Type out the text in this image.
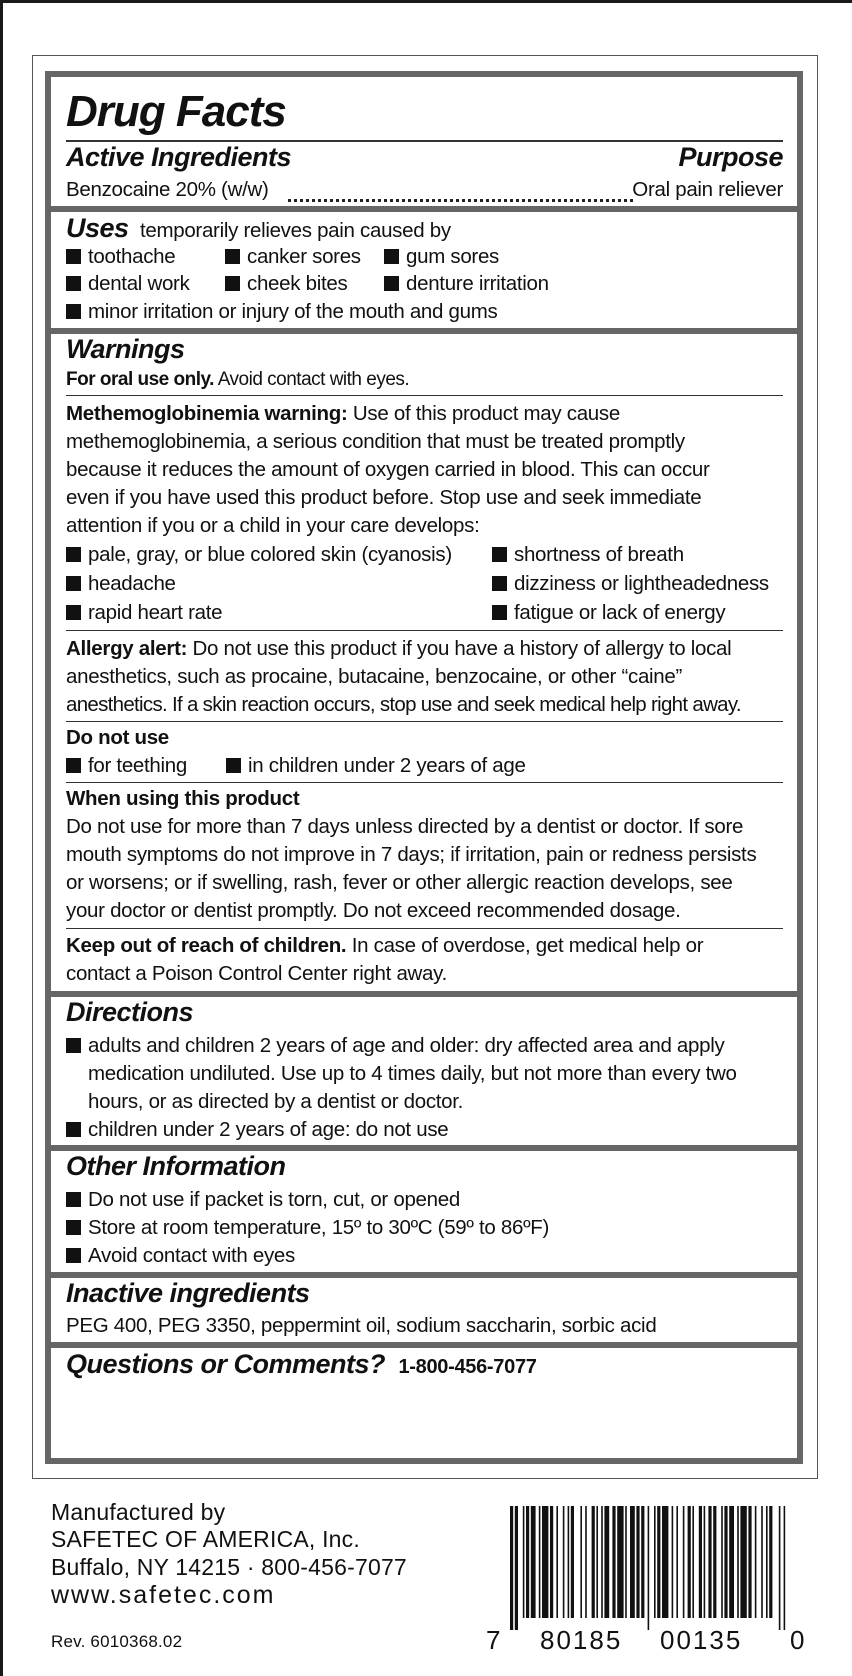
Drug Facts
Active Ingredients	Purpose
Benzocaine 20% (w/w)	Oral pain reliever
Uses temporarily relieves pain caused by
toothache	canker sores	gum sores
dental work	cheek bites	denture irritation
minor irritation or injury of the mouth and gums
Warnings
For oral use only. Avoid contact with eyes.
Methemoglobinemia warning: Use of this product may cause
methemoglobinemia, a serious condition that must be treated promptly
because it reduces the amount of oxygen carried in blood. This can occur
even if you have used this product before. Stop use and seek immediate
attention if you or a child in your care develops:
pale, gray, or blue colored skin (cyanosis)	shortness of breath
headache	dizziness or lightheadedness
rapid heart rate	fatigue or lack of energy
Allergy alert: Do not use this product if you have a history of allergy to local
anesthetics, such as procaine, butacaine, benzocaine, or other “caine”
anesthetics. If a skin reaction occurs, stop use and seek medical help right away.
Do not use
for teething	in children under 2 years of age
When using this product
Do not use for more than 7 days unless directed by a dentist or doctor. If sore
mouth symptoms do not improve in 7 days; if irritation, pain or redness persists
or worsens; or if swelling, rash, fever or other allergic reaction develops, see
your doctor or dentist promptly. Do not exceed recommended dosage.
Keep out of reach of children. In case of overdose, get medical help or
contact a Poison Control Center right away.
Directions
adults and children 2 years of age and older: dry affected area and apply
medication undiluted. Use up to 4 times daily, but not more than every two
hours, or as directed by a dentist or doctor.
children under 2 years of age: do not use
Other Information
Do not use if packet is torn, cut, or opened
Store at room temperature, 15º to 30ºC (59º to 86ºF)
Avoid contact with eyes
Inactive ingredients
PEG 400, PEG 3350, peppermint oil, sodium saccharin, sorbic acid
Questions or Comments? 1-800-456-7077
Manufactured by
SAFETEC OF AMERICA, Inc.
Buffalo, NY 14215 · 800-456-7077
www.safetec.com
Rev. 6010368.02	7 80185 00135 0
